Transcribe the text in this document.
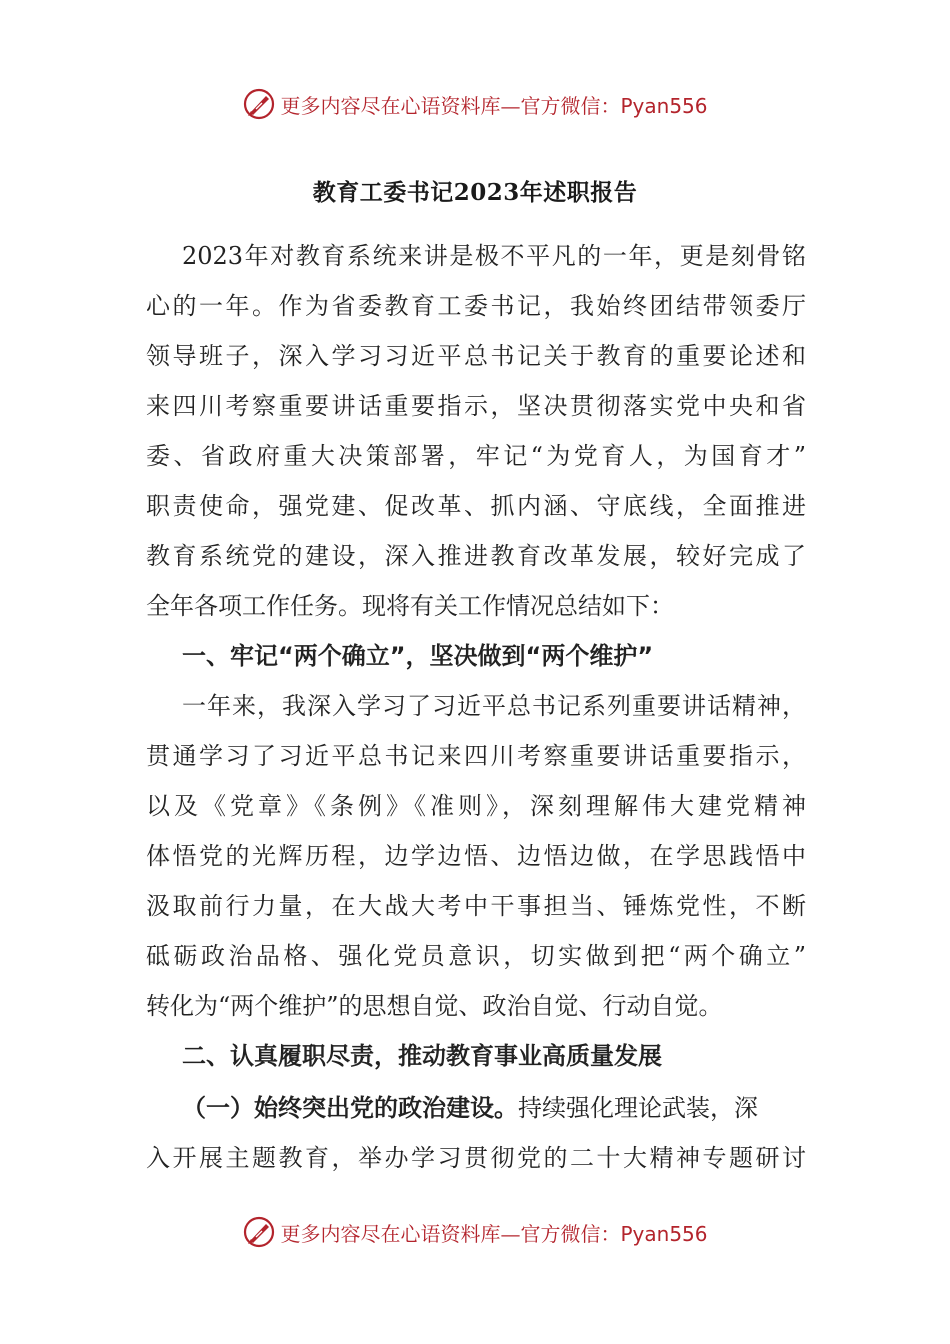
更多内容尽在心语资料库—官方微信：Pyan556
教育工委书记2023年述职报告
2023年对教育系统来讲是极不平凡的一年，更是刻骨铭
心的一年。作为省委教育工委书记，我始终团结带领委厅
领导班子，深入学习习近平总书记关于教育的重要论述和
来四川考察重要讲话重要指示，坚决贯彻落实党中央和省
委、省政府重大决策部署，牢记“为党育人，为国育才”
职责使命，强党建、促改革、抓内涵、守底线，全面推进
教育系统党的建设，深入推进教育改革发展，较好完成了
全年各项工作任务。现将有关工作情况总结如下：
一、牢记“两个确立”，坚决做到“两个维护”
一年来，我深入学习了习近平总书记系列重要讲话精神，
贯通学习了习近平总书记来四川考察重要讲话重要指示，
以及《党章》《条例》《准则》，深刻理解伟大建党精神
体悟党的光辉历程，边学边悟、边悟边做，在学思践悟中
汲取前行力量，在大战大考中干事担当、锤炼党性，不断
砥砺政治品格、强化党员意识，切实做到把“两个确立”
转化为“两个维护”的思想自觉、政治自觉、行动自觉。
二、认真履职尽责，推动教育事业高质量发展
（一）始终突出党的政治建设。持续强化理论武装，深
入开展主题教育，举办学习贯彻党的二十大精神专题研讨
更多内容尽在心语资料库—官方微信：Pyan556
